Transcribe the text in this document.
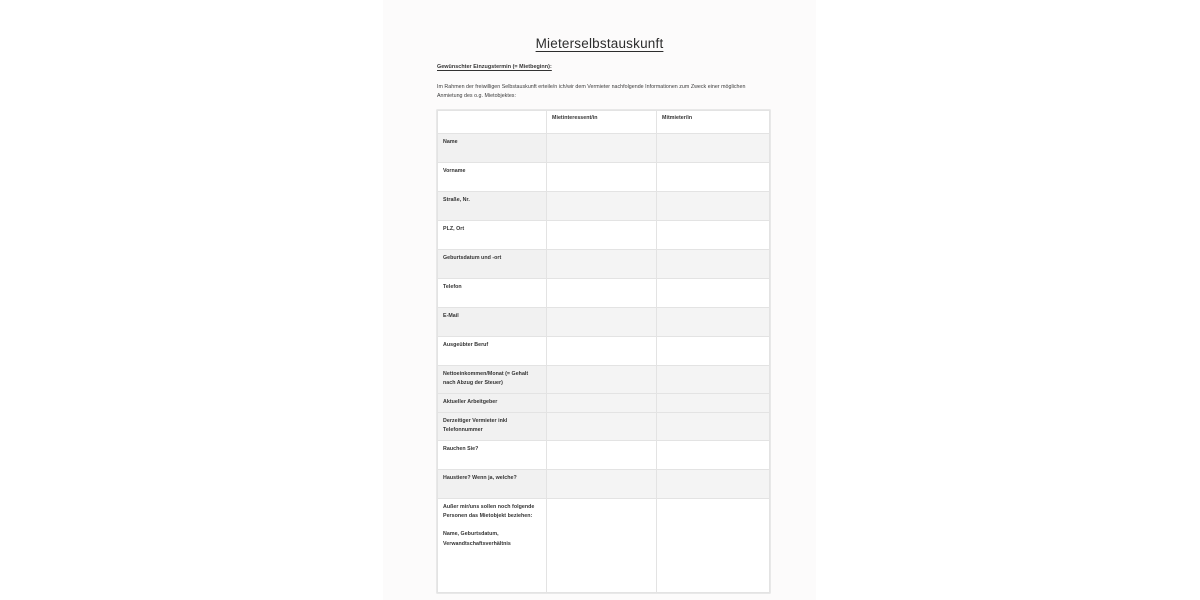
Mieterselbstauskunft
Gewünschter Einzugstermin (= Mietbeginn):
Im Rahmen der freiwilligen Selbstauskunft erteile/n ich/wir dem Vermieter nachfolgende Informationen zum Zweck einer möglichen Anmietung des o.g. Mietobjektes:
	Mietinteressent/in	Mitmieter/in
Name		
Vorname		
Straße, Nr.		
PLZ, Ort		
Geburtsdatum und -ort		
Telefon		
E-Mail		
Ausgeübter Beruf		
Nettoeinkommen/Monat (= Gehalt nach Abzug der Steuer)		
Aktueller Arbeitgeber		
Derzeitiger Vermieter inkl Telefonnummer		
Rauchen Sie?		
Haustiere? Wenn ja, welche?		

Außer mir/uns sollen noch folgende Personen das Mietobjekt beziehen:
Name, Geburtsdatum, Verwandtschaftsverhältnis		
